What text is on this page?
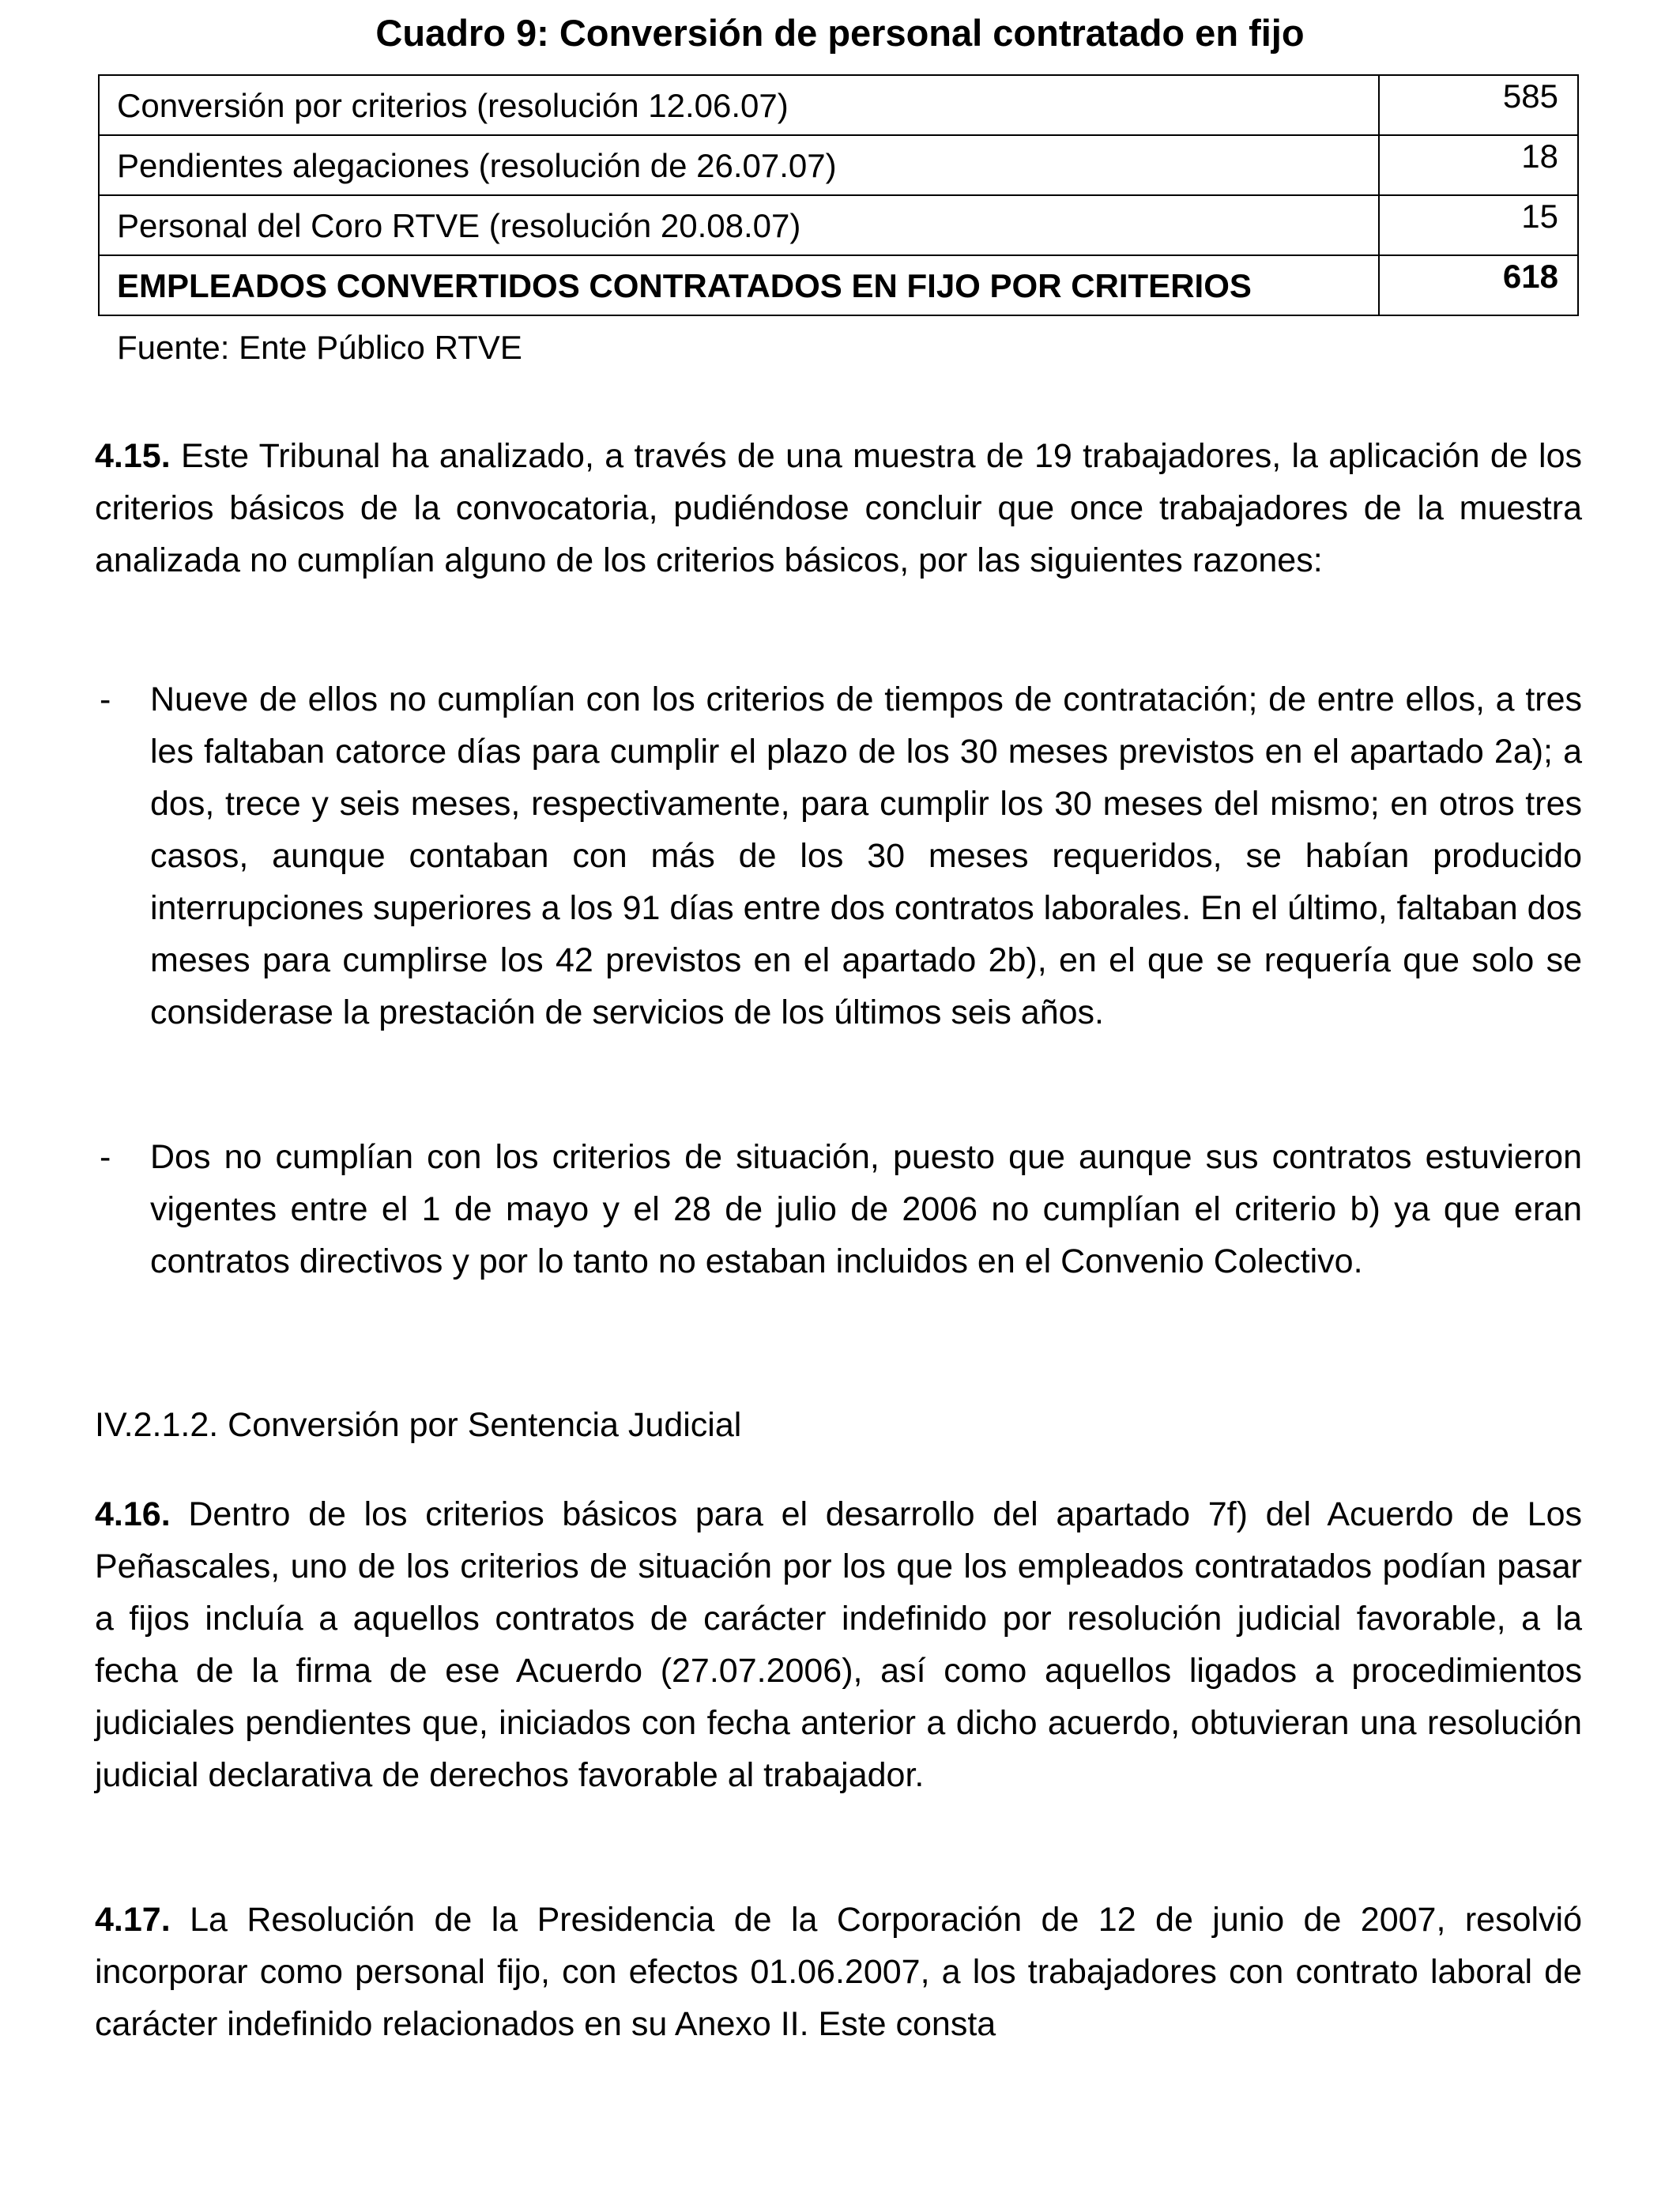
Cuadro 9: Conversión de personal contratado en fijo
Conversión por criterios (resolución 12.06.07)	585
Pendientes alegaciones (resolución de 26.07.07)	18
Personal del Coro RTVE (resolución 20.08.07)	15
EMPLEADOS CONVERTIDOS CONTRATADOS EN FIJO POR CRITERIOS	618
Fuente: Ente Público RTVE

4.15. Este Tribunal ha analizado, a través de una muestra de 19 trabajadores, la aplicación de los criterios básicos de la convocatoria, pudiéndose concluir que once trabajadores de la muestra analizada no cumplían alguno de los criterios básicos, por las siguientes razones:

- Nueve de ellos no cumplían con los criterios de tiempos de contratación; de entre ellos, a tres les faltaban catorce días para cumplir el plazo de los 30 meses previstos en el apartado 2a); a dos, trece y seis meses, respectivamente, para cumplir los 30 meses del mismo; en otros tres casos, aunque contaban con más de los 30 meses requeridos, se habían producido interrupciones superiores a los 91 días entre dos contratos laborales. En el último, faltaban dos meses para cumplirse los 42 previstos en el apartado 2b), en el que se requería que solo se considerase la prestación de servicios de los últimos seis años.
- Dos no cumplían con los criterios de situación, puesto que aunque sus contratos estuvieron vigentes entre el 1 de mayo y el 28 de julio de 2006 no cumplían el criterio b) ya que eran contratos directivos y por lo tanto no estaban incluidos en el Convenio Colectivo.
IV.2.1.2. Conversión por Sentencia Judicial

4.16. Dentro de los criterios básicos para el desarrollo del apartado 7f) del Acuerdo de Los Peñascales, uno de los criterios de situación por los que los empleados contratados podían pasar a fijos incluía a aquellos contratos de carácter indefinido por resolución judicial favorable, a la fecha de la firma de ese Acuerdo (27.07.2006), así como aquellos ligados a procedimientos judiciales pendientes que, iniciados con fecha anterior a dicho acuerdo, obtuvieran una resolución judicial declarativa de derechos favorable al trabajador.

4.17. La Resolución de la Presidencia de la Corporación de 12 de junio de 2007, resolvió incorporar como personal fijo, con efectos 01.06.2007, a los trabajadores con contrato laboral de carácter indefinido relacionados en su Anexo II. Este consta
